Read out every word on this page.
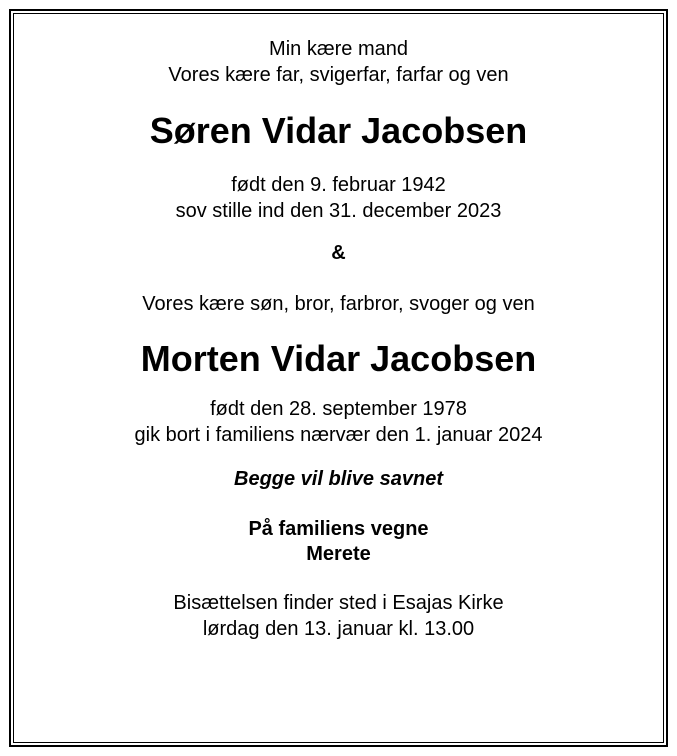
Min kære mand
Vores kære far, svigerfar, farfar og ven
Søren Vidar Jacobsen
født den 9. februar 1942
sov stille ind den 31. december 2023
&
Vores kære søn, bror, farbror, svoger og ven
Morten Vidar Jacobsen
født den 28. september 1978
gik bort i familiens nærvær den 1. januar 2024
Begge vil blive savnet
På familiens vegne
Merete
Bisættelsen finder sted i Esajas Kirke
lørdag den 13. januar kl. 13.00
